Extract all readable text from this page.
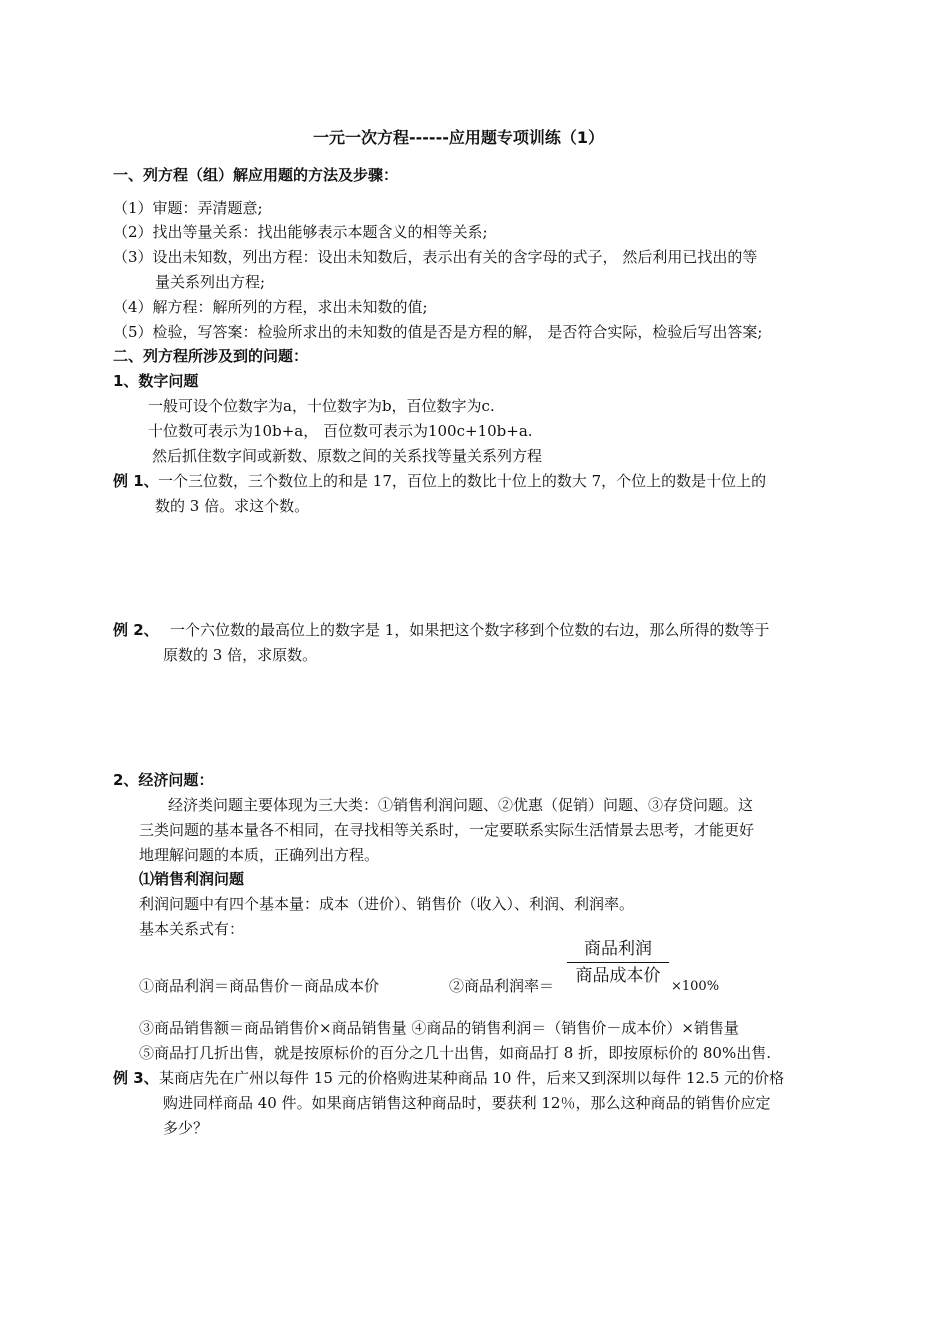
一元一次方程------应用题专项训练（1）
一、列方程（组）解应用题的方法及步骤：
（1）审题：弄清题意;
（2）找出等量关系：找出能够表示本题含义的相等关系;
（3）设出未知数，列出方程：设出未知数后，表示出有关的含字母的式子， 然后利用已找出的等
量关系列出方程;
（4）解方程：解所列的方程，求出未知数的值;
（5）检验，写答案：检验所求出的未知数的值是否是方程的解， 是否符合实际，检验后写出答案;
二、列方程所涉及到的问题：
1、数字问题
一般可设个位数字为a，十位数字为b，百位数字为c.
十位数可表示为10b+a， 百位数可表示为100c+10b+a.
然后抓住数字间或新数、原数之间的关系找等量关系列方程
例 1、 一个三位数，三个数位上的和是 17，百位上的数比十位上的数大 7，个位上的数是十位上的
数的 3 倍。求这个数。
例 2、 一个六位数的最高位上的数字是 1，如果把这个数字移到个位数的右边，那么所得的数等于
原数的 3 倍，求原数。
2、经济问题：
经济类问题主要体现为三大类：①销售利润问题、②优惠（促销）问题、③存贷问题。这
三类问题的基本量各不相同，在寻找相等关系时，一定要联系实际生活情景去思考，才能更好
地理解问题的本质，正确列出方程。
⑴销售利润问题
利润问题中有四个基本量：成本（进价）、销售价（收入）、利润、利润率。
基本关系式有：
①商品利润＝商品售价－商品成本价	②商品利润率＝
商品利润
商品成本价
×100%
③商品销售额＝商品销售价×商品销售量 ④商品的销售利润＝（销售价－成本价）×销售量
⑤商品打几折出售，就是按原标价的百分之几十出售，如商品打 8 折，即按原标价的 80%出售.
例 3、 某商店先在广州以每件 15 元的价格购进某种商品 10 件，后来又到深圳以每件 12.5 元的价格
购进同样商品 40 件。如果商店销售这种商品时，要获利 12％，那么这种商品的销售价应定
多少？
